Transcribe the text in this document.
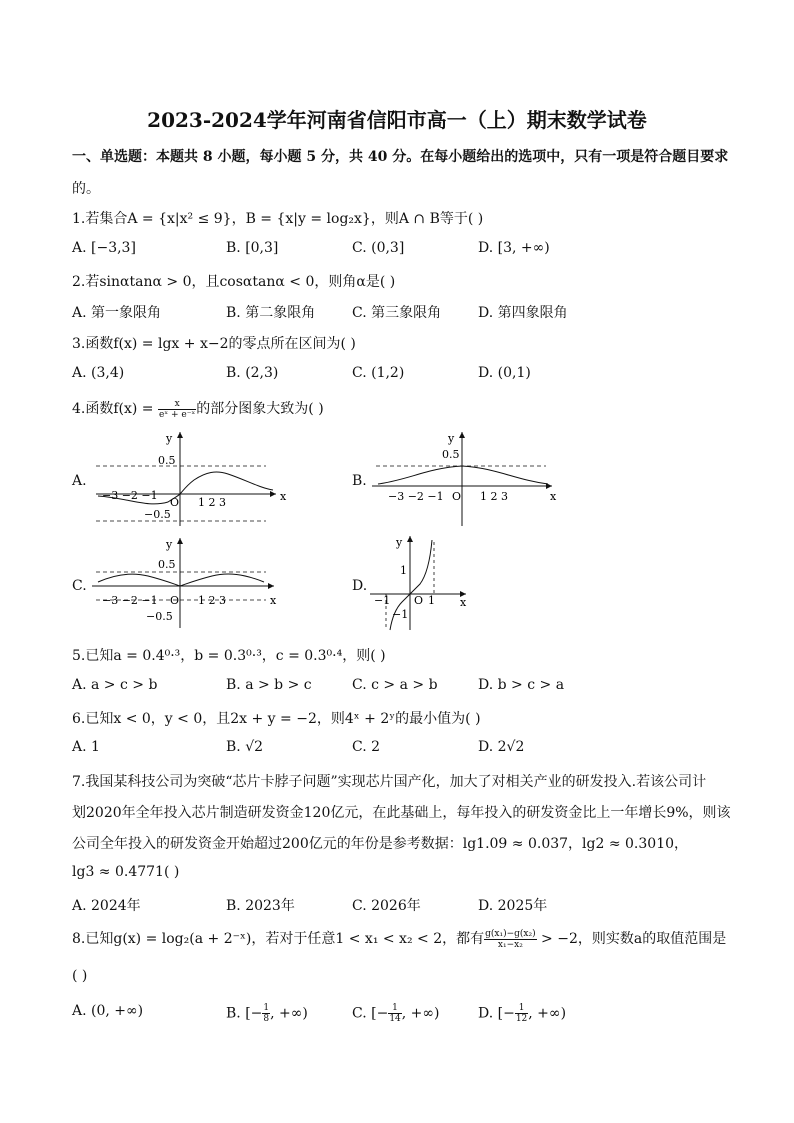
2023-2024学年河南省信阳市高一（上）期末数学试卷
一、单选题：本题共 8 小题，每小题 5 分，共 40 分。在每小题给出的选项中，只有一项是符合题目要求
的。
1.若集合A = {x|x² ≤ 9}，B = {x|y = log₂x}，则A ∩ B等于( )
A. [−3,3]	B. [0,3]	C. (0,3]	D. [3, +∞)
2.若sinαtanα > 0，且cosαtanα < 0，则角α是( )
A. 第一象限角	B. 第二象限角	C. 第三象限角	D. 第四象限角
3.函数f(x) = lgx + x−2的零点所在区间为( )
A. (3,4)	B. (2,3)	C. (1,2)	D. (0,1)
4.函数$f(x) = \frac{x}{\text{eˣ + e⁻ˣ}}$ 的部分图象大致为( )
A.
y
x
0.5
−0.5
−3 −2 −1
O 1 2 3
B.
y
x
0.5
−3 −2 −1 O 1 2 3
C.
y
x
0.5
−0.5
−3 −2 −1 O 1 2 3
D.
y
x
1
−1
−1 O 1
5.已知a = 0.4⁰·³，b = 0.3⁰·³，c = 0.3⁰·⁴，则( )
A. a > c > b	B. a > b > c	C. c > a > b	D. b > c > a
6.已知x < 0，y < 0，且2x + y = −2，则4ˣ + 2ʸ的最小值为( )
A. 1	B. √2	C. 2	D. 2√2
7.我国某科技公司为突破“芯片卡脖子问题”实现芯片国产化，加大了对相关产业的研发投入.若该公司计
划2020年全年投入芯片制造研发资金120亿元，在此基础上，每年投入的研发资金比上一年增长9%，则该
公司全年投入的研发资金开始超过200亿元的年份是参考数据：lg1.09 ≈ 0.037，lg2 ≈ 0.3010，
lg3 ≈ 0.4771( )
A. 2024年	B. 2023年	C. 2026年	D. 2025年
8.已知g(x) = log₂(a + 2⁻ˣ)，若对于任意1 < x₁ < x₂ < 2，都有 $\frac{\text{g(x₁)−g(x₂)}}{\text{x₁−x₂}} > -2$，则实数a的取值范围是
( )
A. (0, +∞)	B. [− $\frac{1}{8}$ , +∞)	C. [− $\frac{1}{14}$ , +∞)	D. [− $\frac{1}{12}$ , +∞)
